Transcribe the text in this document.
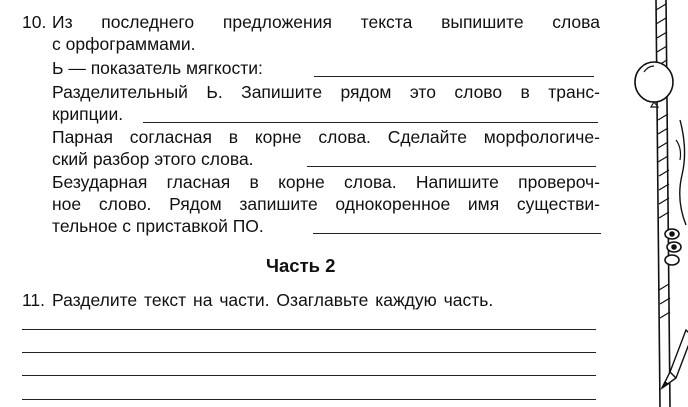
10. Из последнего предложения текста выпишите слова
с орфограммами.
Ь — показатель мягкости:
Разделительный Ь. Запишите рядом это слово в транс-
крипции.
Парная согласная в корне слова. Сделайте морфологиче-
ский разбор этого слова.
Безударная гласная в корне слова. Напишите провероч-
ное слово. Рядом запишите однокоренное имя существи-
тельное с приставкой ПО.
Часть 2
11. Разделите текст на части. Озаглавьте каждую часть.
